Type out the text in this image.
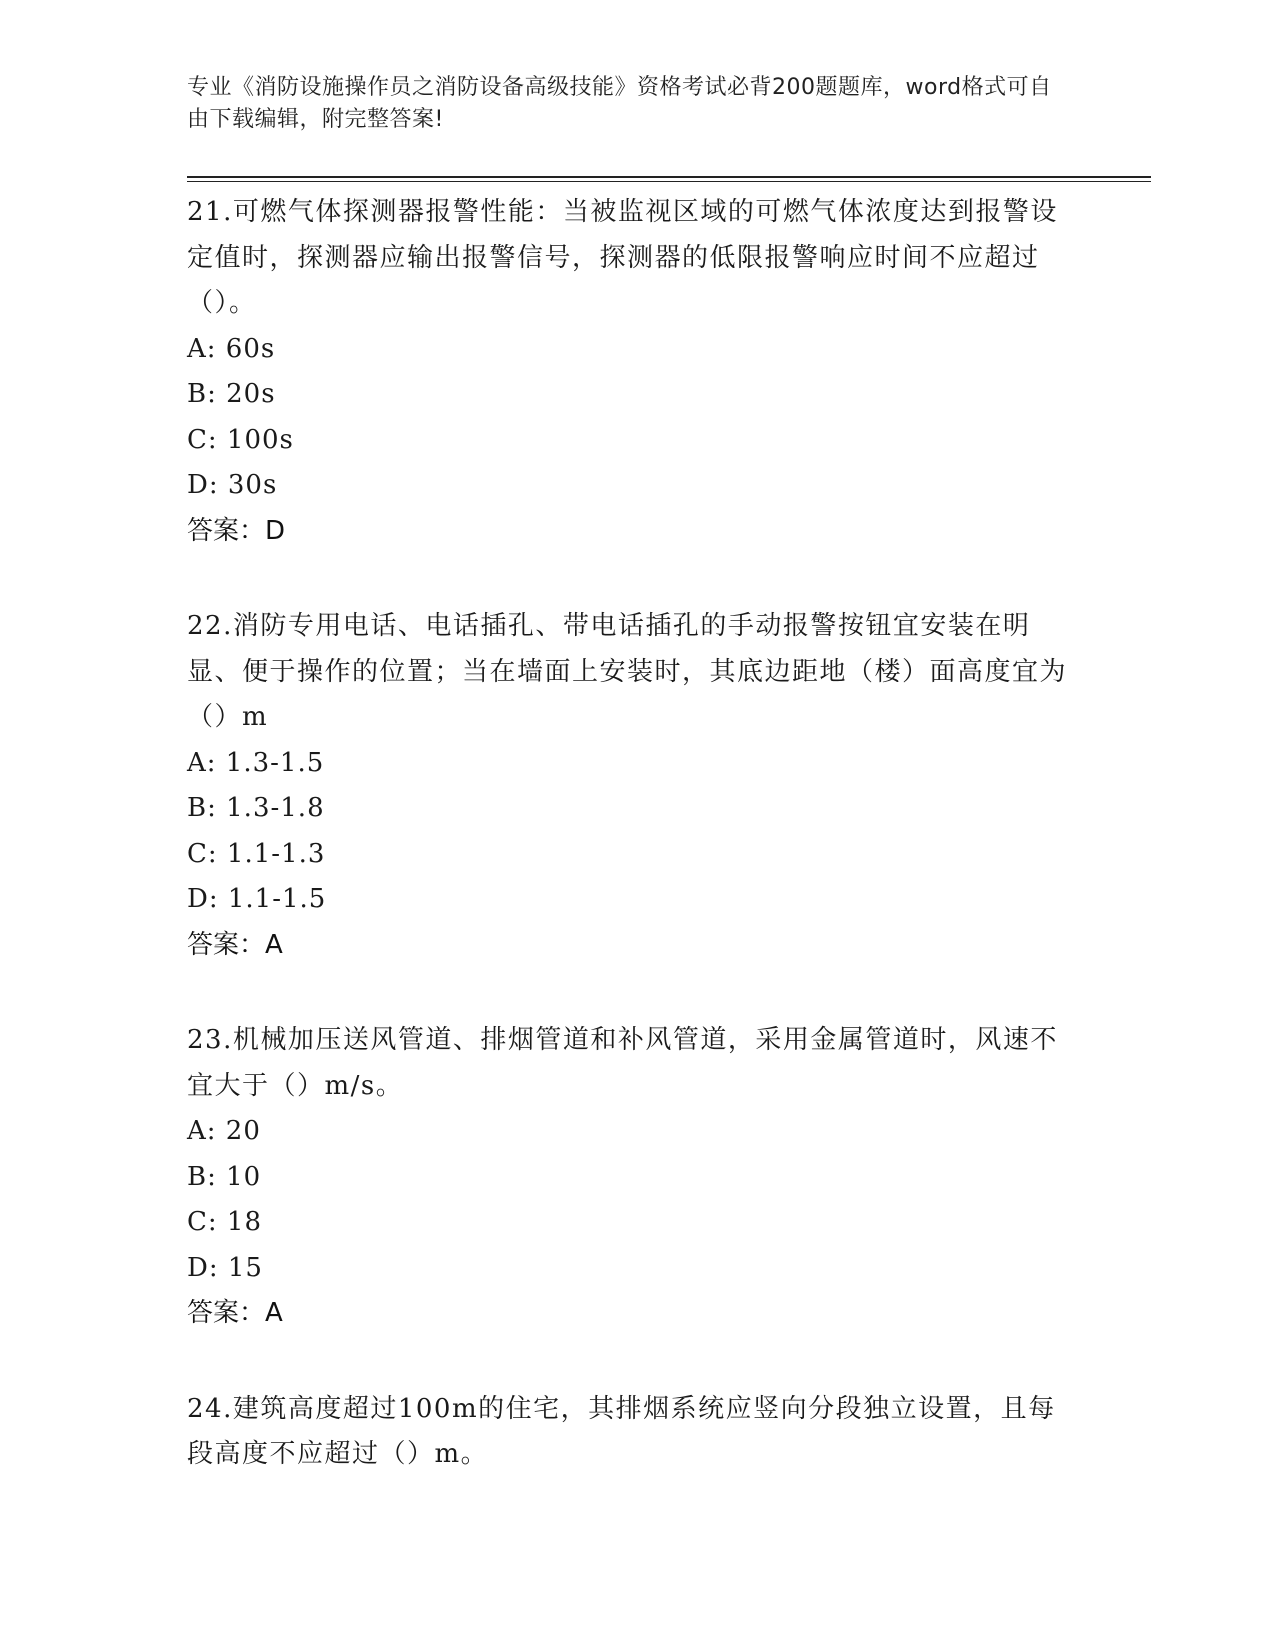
专业《消防设施操作员之消防设备高级技能》资格考试必背200题题库，word格式可自由下载编辑，附完整答案!
21.可燃气体探测器报警性能：当被监视区域的可燃气体浓度达到报警设定值时，探测器应输出报警信号，探测器的低限报警响应时间不应超过（）。
A: 60s
B: 20s
C: 100s
D: 30s
答案：D
22.消防专用电话、电话插孔、带电话插孔的手动报警按钮宜安装在明显、便于操作的位置；当在墙面上安装时，其底边距地（楼）面高度宜为（）m
A: 1.3-1.5
B: 1.3-1.8
C: 1.1-1.3
D: 1.1-1.5
答案：A
23.机械加压送风管道、排烟管道和补风管道，采用金属管道时，风速不宜大于（）m/s。
A: 20
B: 10
C: 18
D: 15
答案：A
24.建筑高度超过100m的住宅，其排烟系统应竖向分段独立设置，且每段高度不应超过（）m。
